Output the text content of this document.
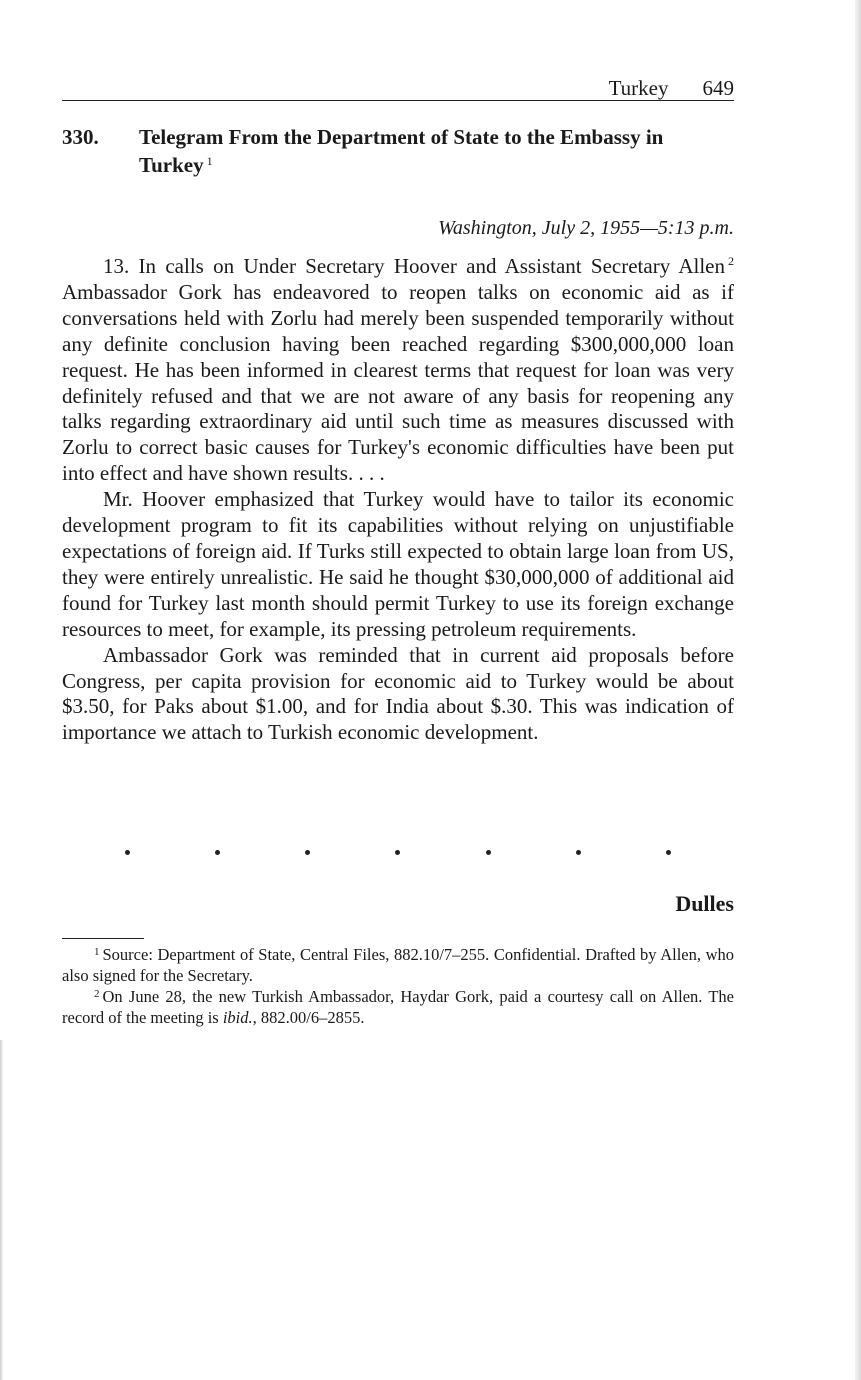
Turkey 649
330. Telegram From the Department of State to the Embassy in Turkey $^1$
Washington, July 2, 1955—5:13 p.m.

13. In calls on Under Secretary Hoover and Assistant Secretary Allen $^2$ Ambassador Gork has endeavored to reopen talks on economic aid as if conversations held with Zorlu had merely been suspended temporarily without any definite conclusion having been reached regarding $300,000,000 loan request. He has been informed in clearest terms that request for loan was very definitely refused and that we are not aware of any basis for reopening any talks regarding extraordinary aid until such time as measures discussed with Zorlu to correct basic causes for Turkey's economic difficulties have been put into effect and have shown results. . . .

Mr. Hoover emphasized that Turkey would have to tailor its economic development program to fit its capabilities without relying on unjustifiable expectations of foreign aid. If Turks still expected to obtain large loan from US, they were entirely unrealistic. He said he thought $30,000,000 of additional aid found for Turkey last month should permit Turkey to use its foreign exchange resources to meet, for example, its pressing petroleum requirements.

Ambassador Gork was reminded that in current aid proposals before Congress, per capita provision for economic aid to Turkey would be about $3.50, for Paks about $1.00, and for India about $.30. This was indication of importance we attach to Turkish economic development.

Dulles

$^1$ Source: Department of State, Central Files, 882.10/7–255. Confidential. Drafted by Allen, who also signed for the Secretary.

$^2$ On June 28, the new Turkish Ambassador, Haydar Gork, paid a courtesy call on Allen. The record of the meeting is ibid., 882.00/6–2855.
